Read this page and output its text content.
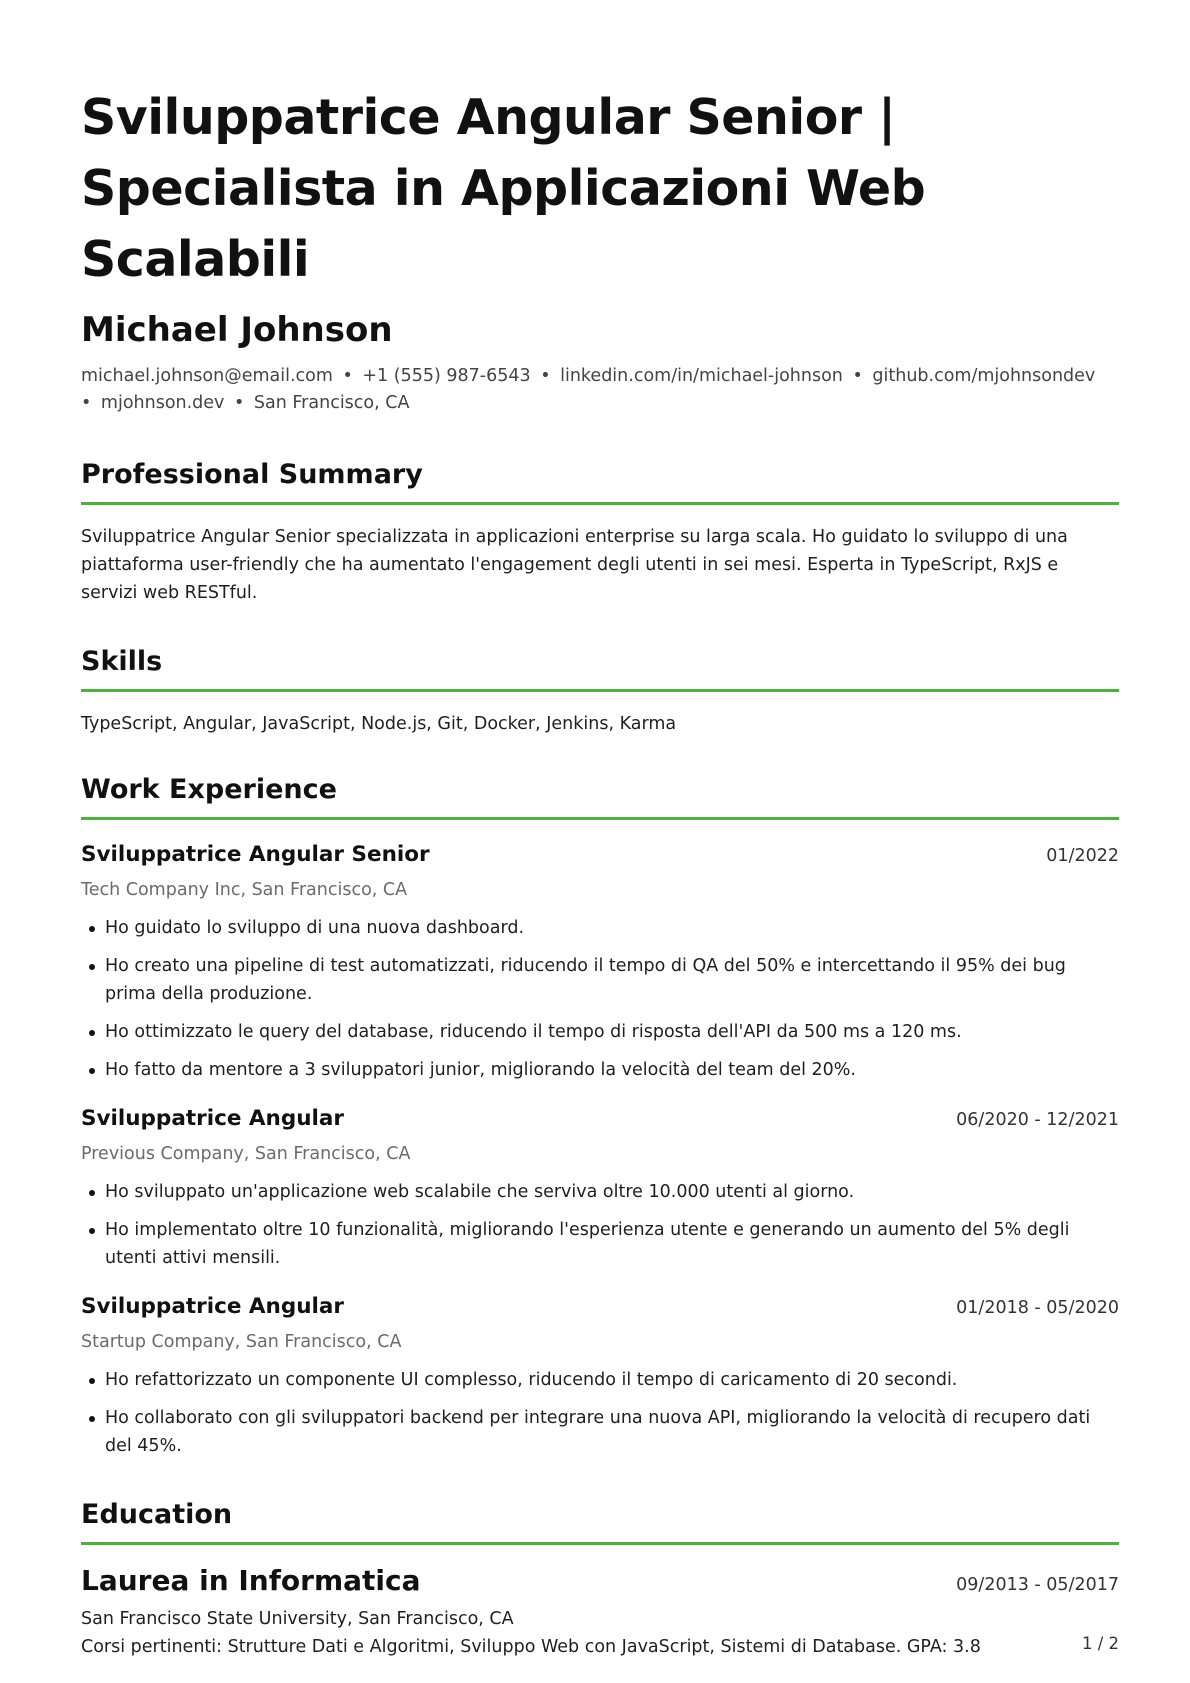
Sviluppatrice Angular Senior |
Specialista in Applicazioni Web Scalabili
Michael Johnson
michael.johnson@email.com • +1 (555) 987-6543 • linkedin.com/in/michael-johnson • github.com/mjohnsondev
• mjohnson.dev • San Francisco, CA
Professional Summary
Sviluppatrice Angular Senior specializzata in applicazioni enterprise su larga scala. Ho guidato lo sviluppo di una piattaforma user-friendly che ha aumentato l'engagement degli utenti in sei mesi. Esperta in TypeScript, RxJS e servizi web RESTful.
Skills
TypeScript, Angular, JavaScript, Node.js, Git, Docker, Jenkins, Karma
Work Experience
Sviluppatrice Angular Senior	01/2022
Tech Company Inc, San Francisco, CA
Ho guidato lo sviluppo di una nuova dashboard.
Ho creato una pipeline di test automatizzati, riducendo il tempo di QA del 50% e intercettando il 95% dei bug prima della produzione.
Ho ottimizzato le query del database, riducendo il tempo di risposta dell'API da 500 ms a 120 ms.
Ho fatto da mentore a 3 sviluppatori junior, migliorando la velocità del team del 20%.
Sviluppatrice Angular	06/2020 - 12/2021
Previous Company, San Francisco, CA
Ho sviluppato un'applicazione web scalabile che serviva oltre 10.000 utenti al giorno.
Ho implementato oltre 10 funzionalità, migliorando l'esperienza utente e generando un aumento del 5% degli utenti attivi mensili.
Sviluppatrice Angular	01/2018 - 05/2020
Startup Company, San Francisco, CA
Ho refattorizzato un componente UI complesso, riducendo il tempo di caricamento di 20 secondi.
Ho collaborato con gli sviluppatori backend per integrare una nuova API, migliorando la velocità di recupero dati del 45%.
Education
Laurea in Informatica	09/2013 - 05/2017
San Francisco State University, San Francisco, CA
Corsi pertinenti: Strutture Dati e Algoritmi, Sviluppo Web con JavaScript, Sistemi di Database. GPA: 3.8	1 / 2
